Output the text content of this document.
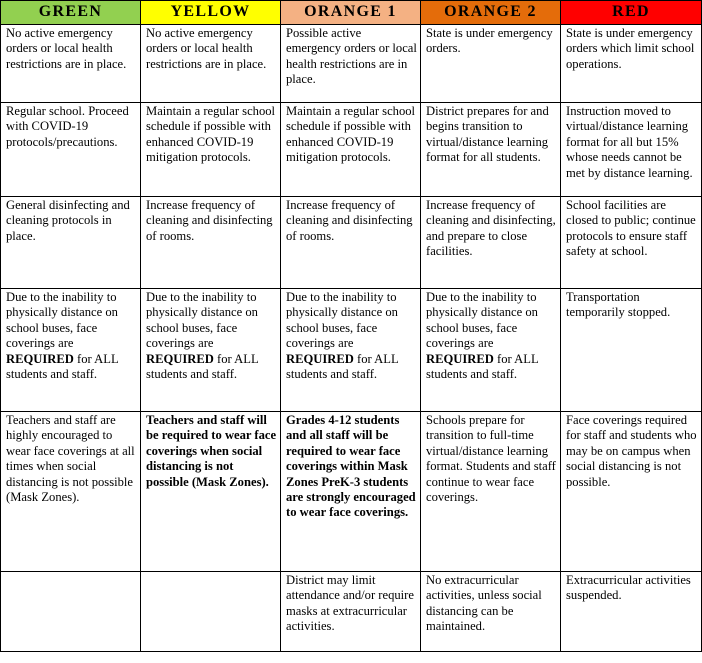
GREEN	YELLOW	ORANGE 1	ORANGE 2	RED
No active emergency orders or local health restrictions are in place.	No active emergency orders or local health restrictions are in place.	Possible active emergency orders or local health restrictions are in place.	State is under emergency orders.	State is under emergency orders which limit school operations.
Regular school. Proceed with COVID-19 protocols/precautions.	Maintain a regular school schedule if possible with enhanced COVID-19 mitigation protocols.	Maintain a regular school schedule if possible with enhanced COVID-19 mitigation protocols.	District prepares for and begins transition to virtual/distance learning format for all students.	Instruction moved to virtual/distance learning format for all but 15% whose needs cannot be met by distance learning.
General disinfecting and cleaning protocols in place.	Increase frequency of cleaning and disinfecting of rooms.	Increase frequency of cleaning and disinfecting of rooms.	Increase frequency of cleaning and disinfecting, and prepare to close facilities.	School facilities are closed to public; continue protocols to ensure staff safety at school.
Due to the inability to physically distance on school buses, face coverings are REQUIRED for ALL students and staff.	Due to the inability to physically distance on school buses, face coverings are REQUIRED for ALL students and staff.	Due to the inability to physically distance on school buses, face coverings are REQUIRED for ALL students and staff.	Due to the inability to physically distance on school buses, face coverings are REQUIRED for ALL students and staff.	Transportation temporarily stopped.
Teachers and staff are highly encouraged to wear face coverings at all times when social distancing is not possible (Mask Zones).	Teachers and staff will be required to wear face coverings when social distancing is not possible (Mask Zones).	Grades 4-12 students and all staff will be required to wear face coverings within Mask Zones PreK-3 students are strongly encouraged to wear face coverings.	Schools prepare for transition to full-time virtual/distance learning format. Students and staff continue to wear face coverings.	Face coverings required for staff and students who may be on campus when social distancing is not possible.
		District may limit attendance and/or require masks at extracurricular activities.	No extracurricular activities, unless social distancing can be maintained.	Extracurricular activities suspended.
